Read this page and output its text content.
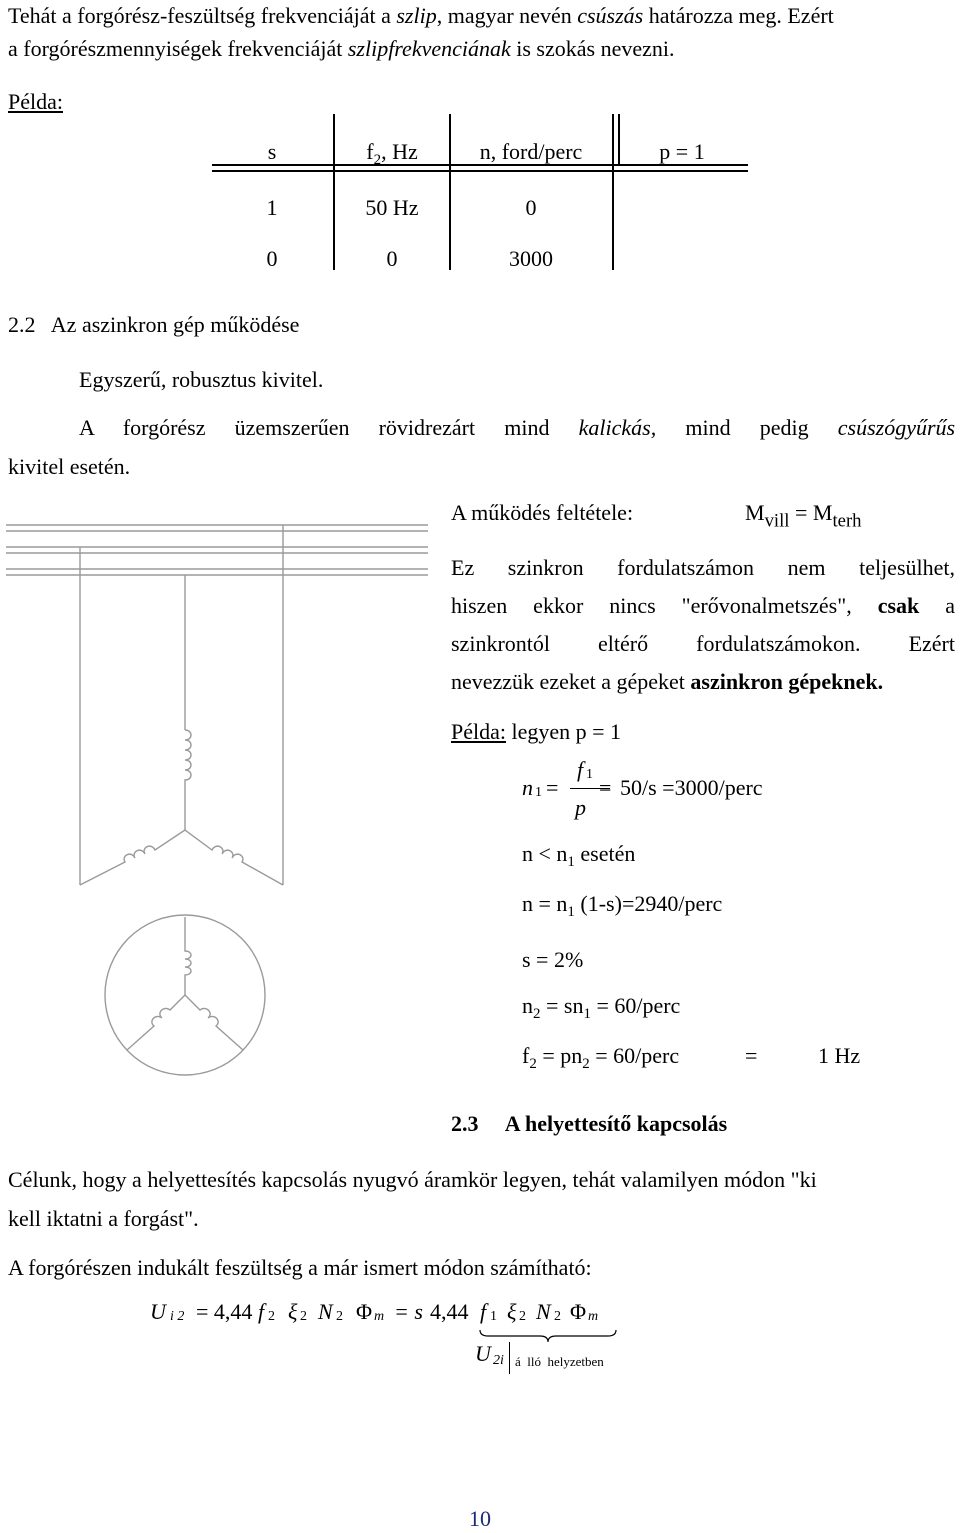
Tehát a forgórész-feszültség frekvenciáját a szlip, magyar nevén csúszás határozza meg. Ezért
a forgórészmennyiségek frekvenciáját szlipfrekvenciának is szokás nevezni.
Példa:
s	$f_2$, Hz	n, ford/perc	p = 1
1	50 Hz	0
0	0	3000
2.2   Az aszinkron gép működése
Egyszerű, robusztus kivitel.
A forgórész üzemszerűen rövidrezárt mind kalickás, mind pedig csúszógyűrűs
kivitel esetén.
A működés feltétele:	$M_{vill} = M_{terh}$
Ez szinkron fordulatszámon nem teljesülhet,
hiszen ekkor nincs "erővonalmetszés", csak a
szinkrontól eltérő fordulatszámokon. Ezért
nevezzük ezeket a gépeket aszinkron gépeknek.
Példa: legyen p = 1
n 1 =
f 1
p
= 50/s =3000/perc
$n < n_1$ esetén
$n = n_1$ (1-s)=2940/perc
s = 2%
$n_2 = sn_1$ = 60/perc
$f_2 = pn_2$ = 60/perc	=	1 Hz
2.3     A helyettesítő kapcsolás
Célunk, hogy a helyettesítés kapcsolás nyugvó áramkör legyen, tehát valamilyen módon "ki
kell iktatni a forgást".
A forgórészen indukált feszültség a már ismert módon számítható:
U i 2 = 4,44 f 2 ξ 2 N 2 Φ m = s 4,44 f 1 ξ 2 N 2 Φ m
U 2i á  lló  helyzetben
10
